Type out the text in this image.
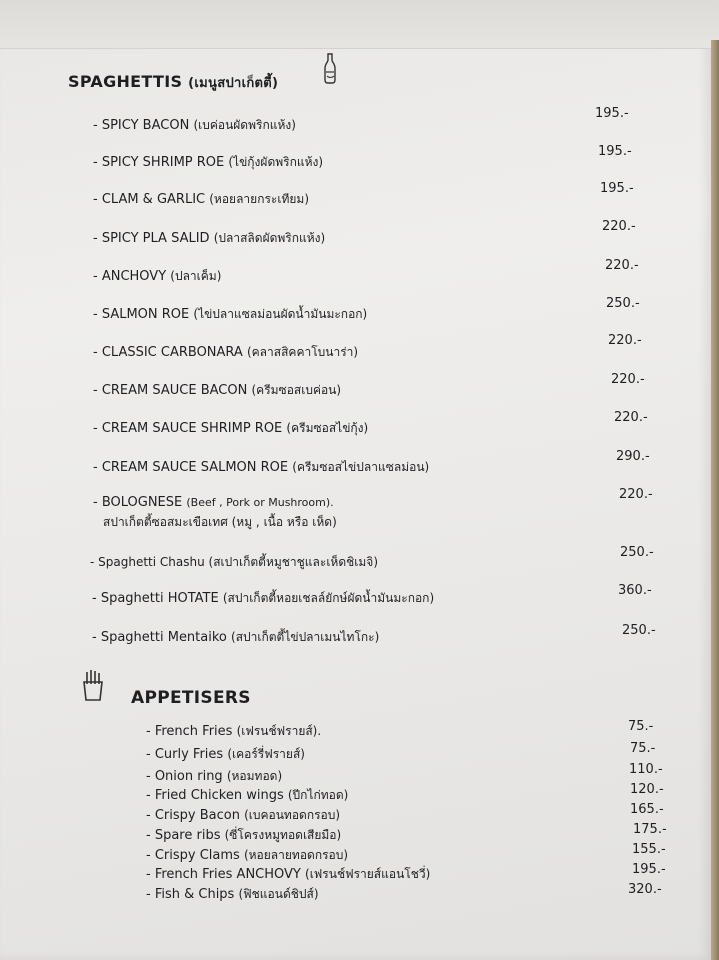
SPAGHETTIS (เมนูสปาเก็ตตี้)
- SPICY BACON (เบค่อนผัดพริกแห้ง)
195.-
- SPICY SHRIMP ROE (ไข่กุ้งผัดพริกแห้ง)
195.-
- CLAM & GARLIC (หอยลายกระเทียม)
195.-
- SPICY PLA SALID (ปลาสลิดผัดพริกแห้ง)
220.-
- ANCHOVY (ปลาเค็ม)
220.-
- SALMON ROE (ไข่ปลาแซลม่อนผัดน้ำมันมะกอก)
250.-
- CLASSIC CARBONARA (คลาสสิคคาโบนาร่า)
220.-
- CREAM SAUCE BACON (ครีมซอสเบค่อน)
220.-
- CREAM SAUCE SHRIMP ROE (ครีมซอสไข่กุ้ง)
220.-
- CREAM SAUCE SALMON ROE (ครีมซอสไข่ปลาแซลม่อน)
290.-
- BOLOGNESE (Beef , Pork or Mushroom).
สปาเก็ตตี้ซอสมะเขือเทศ (หมู , เนื้อ หรือ เห็ด)
220.-
- Spaghetti Chashu (สเปาเก็ตตี้หมูชาชูและเห็ดชิเมจิ)
250.-
- Spaghetti HOTATE (สปาเก็ตตี้หอยเชลล์ยักษ์ผัดน้ำมันมะกอก)	360.-
- Spaghetti Mentaiko (สปาเก็ตตี้ไข่ปลาเมนไทโกะ)	250.-
APPETISERS
- French Fries (เฟรนช์ฟรายส์).	75.-
- Curly Fries (เคอร์รี่ฟรายส์)	75.-
- Onion ring (หอมทอด)	110.-
- Fried Chicken wings (ปีกไก่ทอด)	120.-
- Crispy Bacon (เบคอนทอดกรอบ)	165.-
- Spare ribs (ซี่โครงหมูทอดเสียมือ)	175.-
- Crispy Clams (หอยลายทอดกรอบ)	155.-
- French Fries ANCHOVY (เฟรนช์ฟรายส์แอนโชวี่)	195.-
- Fish & Chips (ฟิชแอนด์ชิปส์)	320.-
